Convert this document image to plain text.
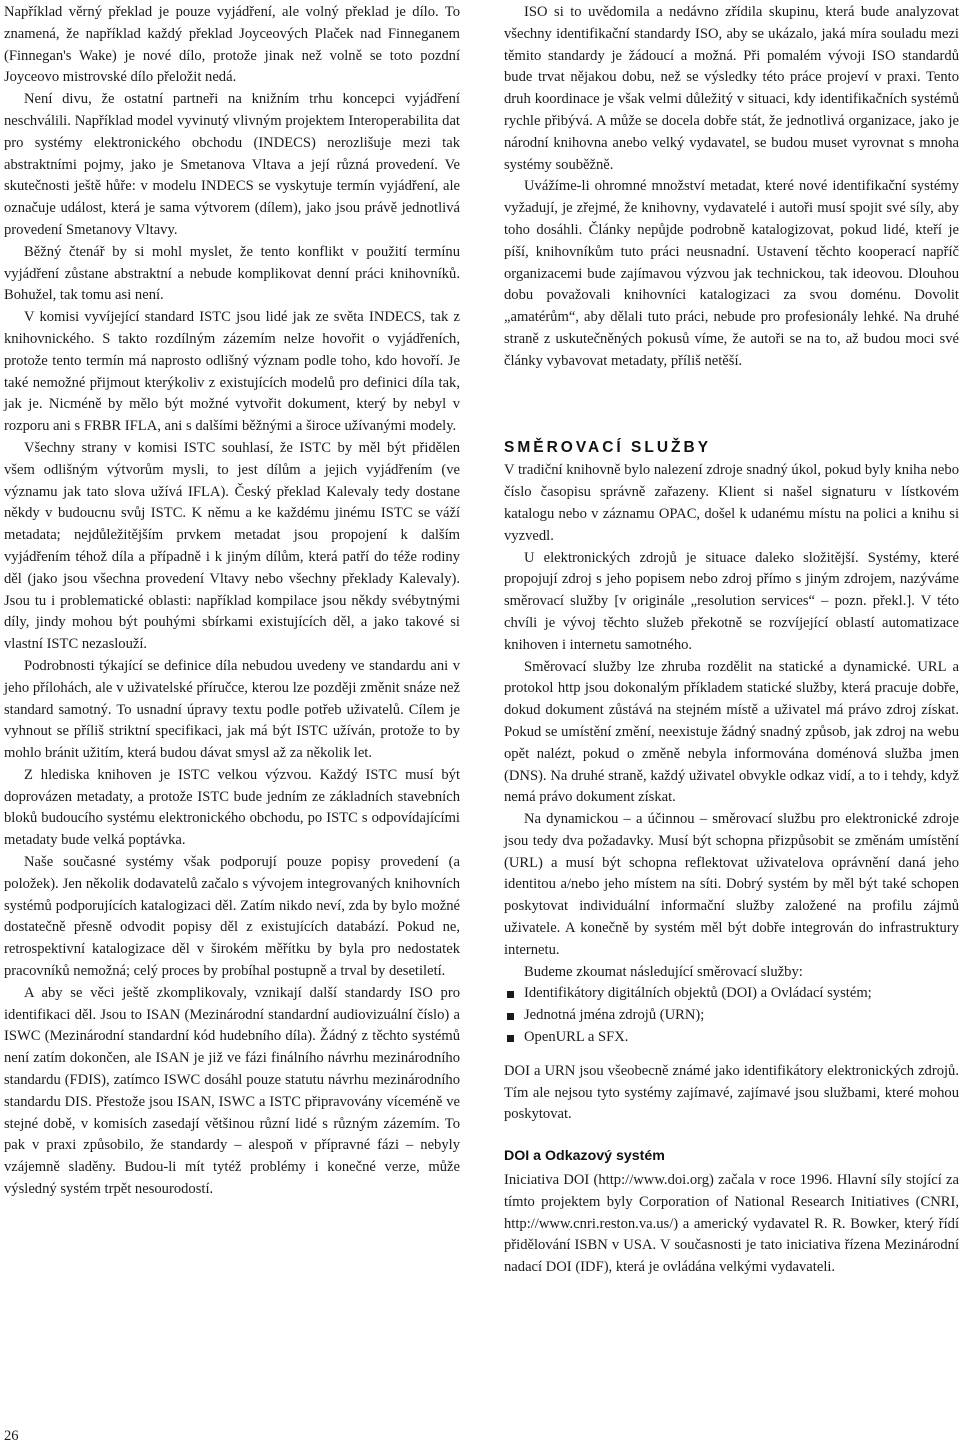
Například věrný překlad je pouze vyjádření, ale volný překlad je dílo. To znamená, že například každý překlad Joyceových Plaček nad Finneganem (Finnegan's Wake) je nové dílo, protože jinak než volně se toto pozdní Joyceovo mistrovské dílo přeložit nedá.

Není divu, že ostatní partneři na knižním trhu koncepci vyjádření neschválili. Například model vyvinutý vlivným projektem Interoperabilita dat pro systémy elektronického obchodu (INDECS) nerozlišuje mezi tak abstraktními pojmy, jako je Smetanova Vltava a její různá provedení. Ve skutečnosti ještě hůře: v modelu INDECS se vyskytuje termín vyjádření, ale označuje událost, která je sama výtvorem (dílem), jako jsou právě jednotlivá provedení Smetanovy Vltavy.

Běžný čtenář by si mohl myslet, že tento konflikt v použití termínu vyjádření zůstane abstraktní a nebude komplikovat denní práci knihovníků. Bohužel, tak tomu asi není.

V komisi vyvíjející standard ISTC jsou lidé jak ze světa INDECS, tak z knihovnického. S takto rozdílným zázemím nelze hovořit o vyjádřeních, protože tento termín má naprosto odlišný význam podle toho, kdo hovoří. Je také nemožné přijmout kterýkoliv z existujících modelů pro definici díla tak, jak je. Nicméně by mělo být možné vytvořit dokument, který by nebyl v rozporu ani s FRBR IFLA, ani s dalšími běžnými a široce užívanými modely.

Všechny strany v komisi ISTC souhlasí, že ISTC by měl být přidělen všem odlišným výtvorům mysli, to jest dílům a jejich vyjádřením (ve významu jak tato slova užívá IFLA). Český překlad Kalevaly tedy dostane někdy v budoucnu svůj ISTC. K němu a ke každému jinému ISTC se váží metadata; nejdůležitějším prvkem metadat jsou propojení k dalším vyjádřením téhož díla a případně i k jiným dílům, která patří do téže rodiny děl (jako jsou všechna provedení Vltavy nebo všechny překlady Kalevaly). Jsou tu i problematické oblasti: například kompilace jsou někdy svébytnými díly, jindy mohou být pouhými sbírkami existujících děl, a jako takové si vlastní ISTC nezaslouží.

Podrobnosti týkající se definice díla nebudou uvedeny ve standardu ani v jeho přílohách, ale v uživatelské příručce, kterou lze později změnit snáze než standard samotný. To usnadní úpravy textu podle potřeb uživatelů. Cílem je vyhnout se příliš striktní specifikaci, jak má být ISTC užíván, protože to by mohlo bránit užitím, která budou dávat smysl až za několik let.

Z hlediska knihoven je ISTC velkou výzvou. Každý ISTC musí být doprovázen metadaty, a protože ISTC bude jedním ze základních stavebních bloků budoucího systému elektronického obchodu, po ISTC s odpovídajícími metadaty bude velká poptávka.

Naše současné systémy však podporují pouze popisy provedení (a položek). Jen několik dodavatelů začalo s vývojem integrovaných knihovních systémů podporujících katalogizaci děl. Zatím nikdo neví, zda by bylo možné dostatečně přesně odvodit popisy děl z existujících databází. Pokud ne, retrospektivní katalogizace děl v širokém měřítku by byla pro nedostatek pracovníků nemožná; celý proces by probíhal postupně a trval by desetiletí.

A aby se věci ještě zkomplikovaly, vznikají další standardy ISO pro identifikaci děl. Jsou to ISAN (Mezinárodní standardní audiovizuální číslo) a ISWC (Mezinárodní standardní kód hudebního díla). Žádný z těchto systémů není zatím dokončen, ale ISAN je již ve fázi finálního návrhu mezinárodního standardu (FDIS), zatímco ISWC dosáhl pouze statutu návrhu mezinárodního standardu DIS. Přestože jsou ISAN, ISWC a ISTC připravovány víceméně ve stejné době, v komisích zasedají většinou různí lidé s různým zázemím. To pak v praxi způsobilo, že standardy – alespoň v přípravné fázi – nebyly vzájemně sladěny. Budou-li mít tytéž problémy i konečné verze, může výsledný systém trpět nesourodostí.

ISO si to uvědomila a nedávno zřídila skupinu, která bude analyzovat všechny identifikační standardy ISO, aby se ukázalo, jaká míra souladu mezi těmito standardy je žádoucí a možná. Při pomalém vývoji ISO standardů bude trvat nějakou dobu, než se výsledky této práce projeví v praxi. Tento druh koordinace je však velmi důležitý v situaci, kdy identifikačních systémů rychle přibývá. A může se docela dobře stát, že jednotlivá organizace, jako je národní knihovna anebo velký vydavatel, se budou muset vyrovnat s mnoha systémy souběžně.

Uvážíme-li ohromné množství metadat, které nové identifikační systémy vyžadují, je zřejmé, že knihovny, vydavatelé i autoři musí spojit své síly, aby toho dosáhli. Články nepůjde podrobně katalogizovat, pokud lidé, kteří je píší, knihovníkům tuto práci neusnadní. Ustavení těchto kooperací napříč organizacemi bude zajímavou výzvou jak technickou, tak ideovou. Dlouhou dobu považovali knihovníci katalogizaci za svou doménu. Dovolit „amatérům“, aby dělali tuto práci, nebude pro profesionály lehké. Na druhé straně z uskutečněných pokusů víme, že autoři se na to, až budou moci své články vybavovat metadaty, příliš netěší.

SMĚROVACÍ SLUŽBY

V tradiční knihovně bylo nalezení zdroje snadný úkol, pokud byly kniha nebo číslo časopisu správně zařazeny. Klient si našel signaturu v lístkovém katalogu nebo v záznamu OPAC, došel k udanému místu na polici a knihu si vyzvedl.

U elektronických zdrojů je situace daleko složitější. Systémy, které propojují zdroj s jeho popisem nebo zdroj přímo s jiným zdrojem, nazýváme směrovací služby [v originále „resolution services“ – pozn. překl.]. V této chvíli je vývoj těchto služeb překotně se rozvíjející oblastí automatizace knihoven i internetu samotného.

Směrovací služby lze zhruba rozdělit na statické a dynamické. URL a protokol http jsou dokonalým příkladem statické služby, která pracuje dobře, dokud dokument zůstává na stejném místě a uživatel má právo zdroj získat. Pokud se umístění změní, neexistuje žádný snadný způsob, jak zdroj na webu opět nalézt, pokud o změně nebyla informována doménová služba jmen (DNS). Na druhé straně, každý uživatel obvykle odkaz vidí, a to i tehdy, když nemá právo dokument získat.

Na dynamickou – a účinnou – směrovací službu pro elektronické zdroje jsou tedy dva požadavky. Musí být schopna přizpůsobit se změnám umístění (URL) a musí být schopna reflektovat uživatelova oprávnění daná jeho identitou a/nebo jeho místem na síti. Dobrý systém by měl být také schopen poskytovat individuální informační služby založené na profilu zájmů uživatele. A konečně by systém měl být dobře integrován do infrastruktury internetu.

Budeme zkoumat následující směrovací služby:

Identifikátory digitálních objektů (DOI) a Ovládací systém;
Jednotná jména zdrojů (URN);
OpenURL a SFX.

DOI a URN jsou všeobecně známé jako identifikátory elektronických zdrojů. Tím ale nejsou tyto systémy zajímavé, zajímavé jsou službami, které mohou poskytovat.

DOI a Odkazový systém

Iniciativa DOI (http://www.doi.org) začala v roce 1996. Hlavní síly stojící za tímto projektem byly Corporation of National Research Initiatives (CNRI, http://www.cnri.reston.va.us/) a americký vydavatel R. R. Bowker, který řídí přidělování ISBN v USA. V současnosti je tato iniciativa řízena Mezinárodní nadací DOI (IDF), která je ovládána velkými vydavateli.

26
